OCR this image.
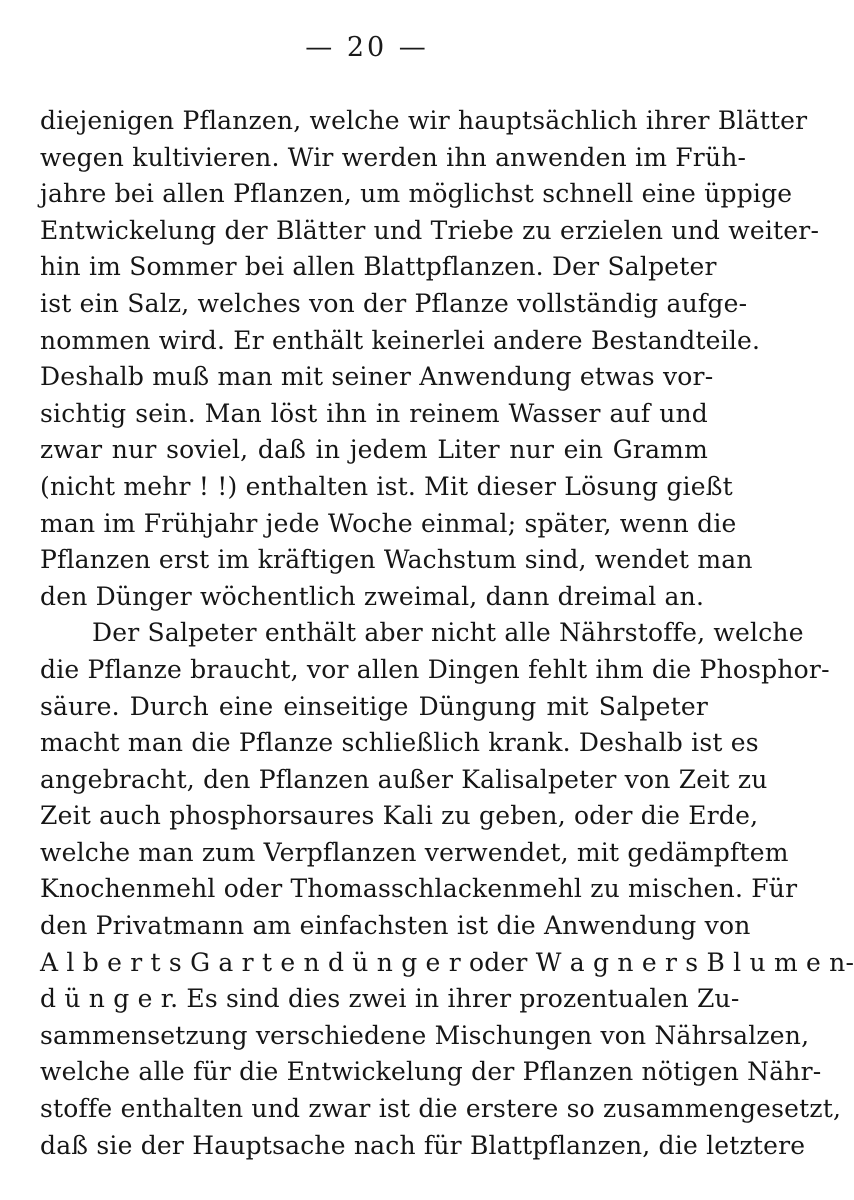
— 20 —
diejenigen Pflanzen, welche wir hauptsächlich ihrer Blätter
wegen kultivieren. Wir werden ihn anwenden im Früh-
jahre bei allen Pflanzen, um möglichst schnell eine üppige
Entwickelung der Blätter und Triebe zu erzielen und weiter-
hin im Sommer bei allen Blattpflanzen. Der Salpeter
ist ein Salz, welches von der Pflanze vollständig aufge-
nommen wird. Er enthält keinerlei andere Bestandteile.
Deshalb muß man mit seiner Anwendung etwas vor-
sichtig sein. Man löst ihn in reinem Wasser auf und
zwar nur soviel, daß in jedem Liter nur ein Gramm
(nicht mehr ! !) enthalten ist. Mit dieser Lösung gießt
man im Frühjahr jede Woche einmal; später, wenn die
Pflanzen erst im kräftigen Wachstum sind, wendet man
den Dünger wöchentlich zweimal, dann dreimal an.
Der Salpeter enthält aber nicht alle Nährstoffe, welche
die Pflanze braucht, vor allen Dingen fehlt ihm die Phosphor-
säure. Durch eine einseitige Düngung mit Salpeter
macht man die Pflanze schließlich krank. Deshalb ist es
angebracht, den Pflanzen außer Kalisalpeter von Zeit zu
Zeit auch phosphorsaures Kali zu geben, oder die Erde,
welche man zum Verpflanzen verwendet, mit gedämpftem
Knochenmehl oder Thomasschlackenmehl zu mischen. Für
den Privatmann am einfachsten ist die Anwendung von
A l b e r t s G a r t e n d ü n g e r oder W a g n e r s B l u m e n-
d ü n g e r. Es sind dies zwei in ihrer prozentualen Zu-
sammensetzung verschiedene Mischungen von Nährsalzen,
welche alle für die Entwickelung der Pflanzen nötigen Nähr-
stoffe enthalten und zwar ist die erstere so zusammengesetzt,
daß sie der Hauptsache nach für Blattpflanzen, die letztere
